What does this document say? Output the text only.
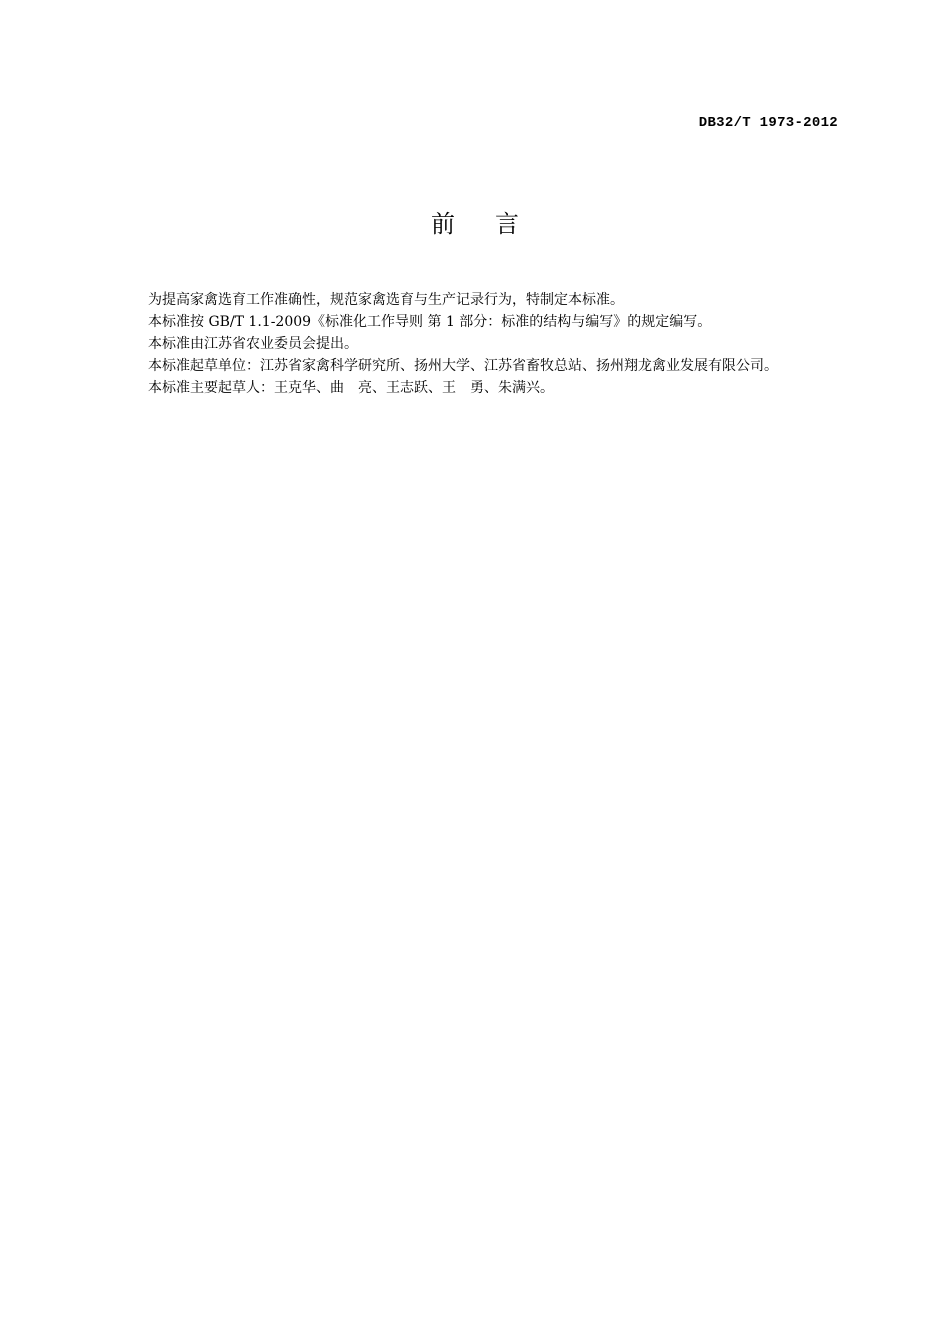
DB32/T 1973-2012
前言

为提高家禽选育工作准确性，规范家禽选育与生产记录行为，特制定本标准。

本标准按 GB/T 1.1-2009《标准化工作导则 第 1 部分：标准的结构与编写》的规定编写。

本标准由江苏省农业委员会提出。

本标准起草单位：江苏省家禽科学研究所、扬州大学、江苏省畜牧总站、扬州翔龙禽业发展有限公司。

本标准主要起草人：王克华、曲　亮、王志跃、王　勇、朱满兴。
